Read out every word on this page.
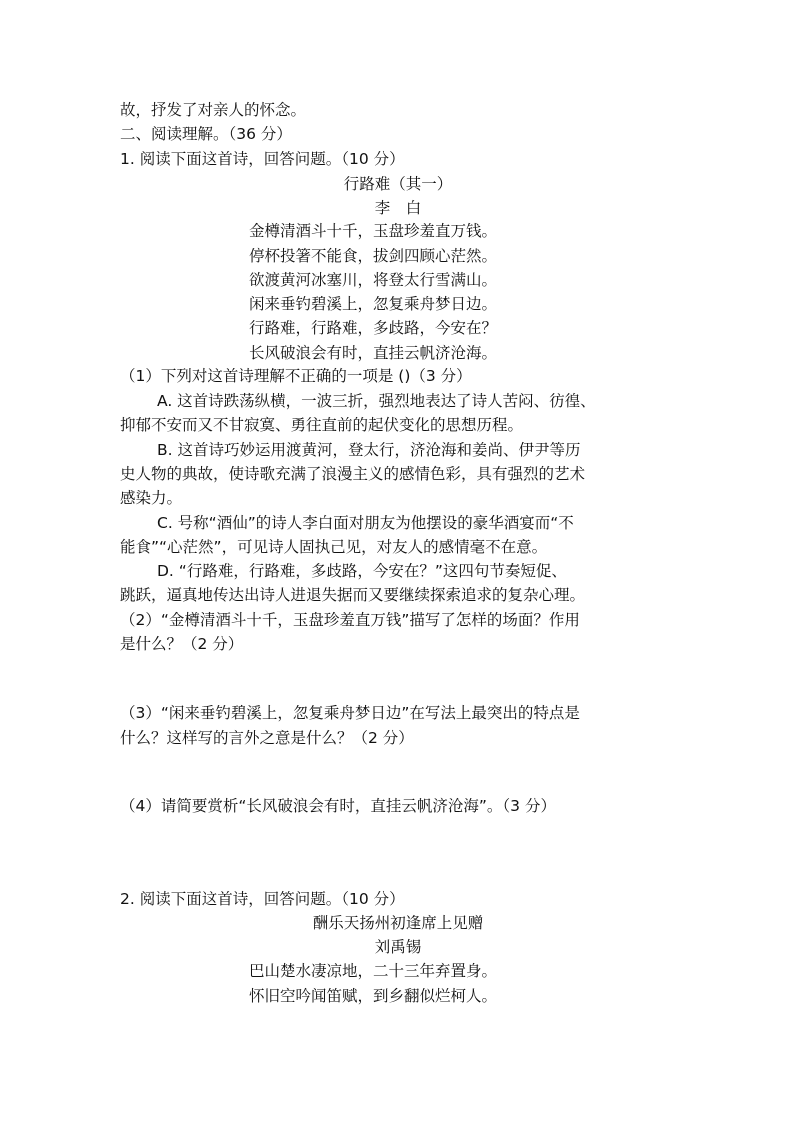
故，抒发了对亲人的怀念。
二、阅读理解。（36 分）
1. 阅读下面这首诗，回答问题。（10 分）
行路难（其一）
李　白
金樽清酒斗十千，玉盘珍羞直万钱。
停杯投箸不能食，拔剑四顾心茫然。
欲渡黄河冰塞川，将登太行雪满山。
闲来垂钓碧溪上，忽复乘舟梦日边。
行路难，行路难，多歧路，今安在？
长风破浪会有时，直挂云帆济沧海。
（1）下列对这首诗理解不正确的一项是 ()（3 分）
A. 这首诗跌荡纵横，一波三折，强烈地表达了诗人苦闷、彷徨、
抑郁不安而又不甘寂寞、勇往直前的起伏变化的思想历程。
B. 这首诗巧妙运用渡黄河，登太行，济沧海和姜尚、伊尹等历
史人物的典故，使诗歌充满了浪漫主义的感情色彩，具有强烈的艺术
感染力。
C. 号称“酒仙”的诗人李白面对朋友为他摆设的豪华酒宴而“不
能食”“心茫然”，可见诗人固执己见，对友人的感情毫不在意。
D. “行路难，行路难，多歧路，今安在？”这四句节奏短促、
跳跃，逼真地传达出诗人进退失据而又要继续探索追求的复杂心理。
（2）“金樽清酒斗十千，玉盘珍羞直万钱”描写了怎样的场面？作用
是什么？（2 分）
（3）“闲来垂钓碧溪上，忽复乘舟梦日边”在写法上最突出的特点是
什么？这样写的言外之意是什么？（2 分）
（4）请简要赏析“长风破浪会有时，直挂云帆济沧海”。（3 分）
2. 阅读下面这首诗，回答问题。（10 分）
酬乐天扬州初逢席上见赠
刘禹锡
巴山楚水凄凉地，二十三年弃置身。
怀旧空吟闻笛赋，到乡翻似烂柯人。
